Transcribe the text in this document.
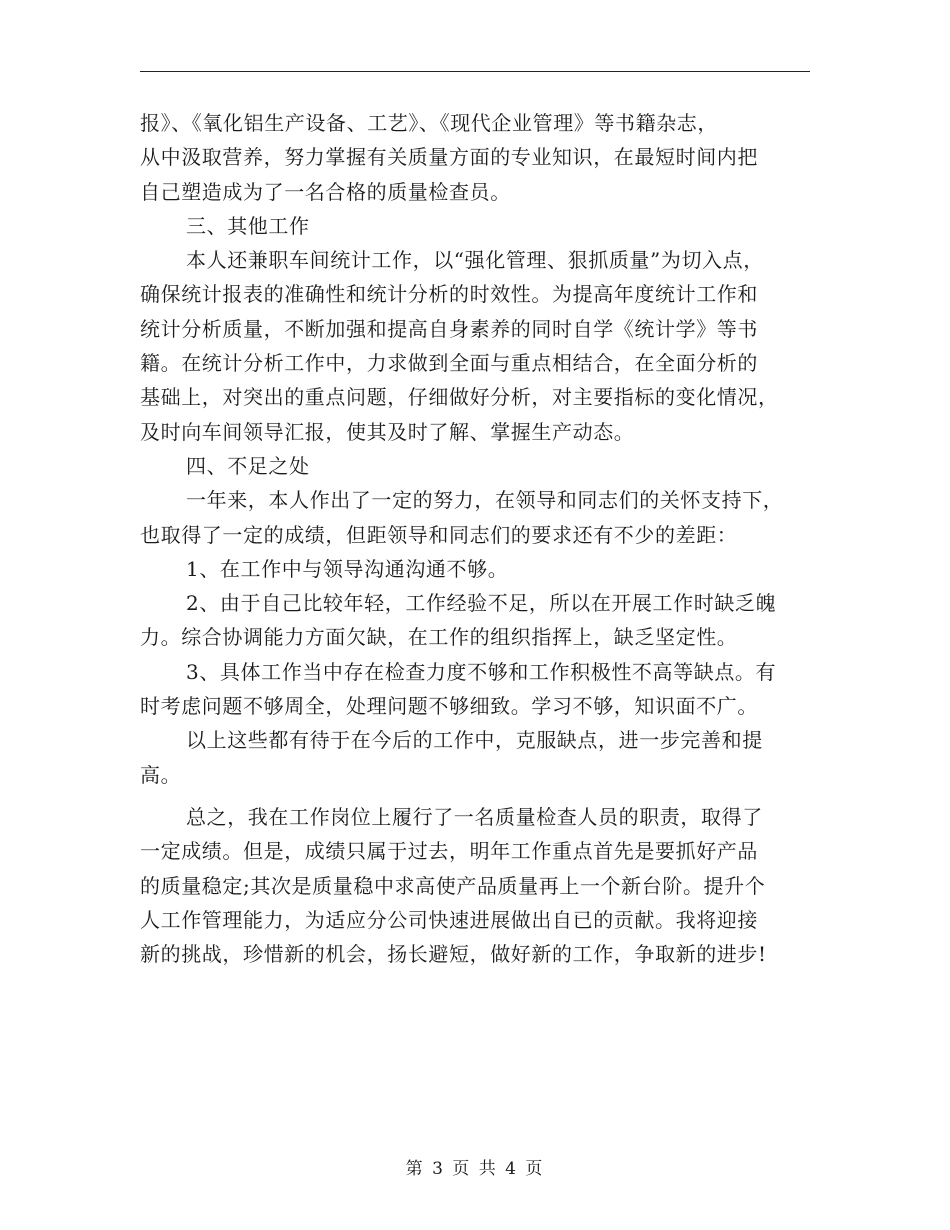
报》、《氧化铝生产设备、工艺》、《现代企业管理》等书籍杂志，
从中汲取营养，努力掌握有关质量方面的专业知识，在最短时间内把
自己塑造成为了一名合格的质量检查员。
三、其他工作
本人还兼职车间统计工作，以“强化管理、狠抓质量”为切入点，
确保统计报表的准确性和统计分析的时效性。为提高年度统计工作和
统计分析质量，不断加强和提高自身素养的同时自学《统计学》等书
籍。在统计分析工作中，力求做到全面与重点相结合，在全面分析的
基础上，对突出的重点问题，仔细做好分析，对主要指标的变化情况，
及时向车间领导汇报，使其及时了解、掌握生产动态。
四、不足之处
一年来，本人作出了一定的努力，在领导和同志们的关怀支持下，
也取得了一定的成绩，但距领导和同志们的要求还有不少的差距：
1、在工作中与领导沟通沟通不够。
2、由于自己比较年轻，工作经验不足，所以在开展工作时缺乏魄
力。综合协调能力方面欠缺，在工作的组织指挥上，缺乏坚定性。
3、具体工作当中存在检查力度不够和工作积极性不高等缺点。有
时考虑问题不够周全，处理问题不够细致。学习不够，知识面不广。
以上这些都有待于在今后的工作中，克服缺点，进一步完善和提
高。
总之，我在工作岗位上履行了一名质量检查人员的职责，取得了
一定成绩。但是，成绩只属于过去，明年工作重点首先是要抓好产品
的质量稳定;其次是质量稳中求高使产品质量再上一个新台阶。提升个
人工作管理能力，为适应分公司快速进展做出自已的贡献。我将迎接
新的挑战，珍惜新的机会，扬长避短，做好新的工作，争取新的进步!
第 3 页 共 4 页
